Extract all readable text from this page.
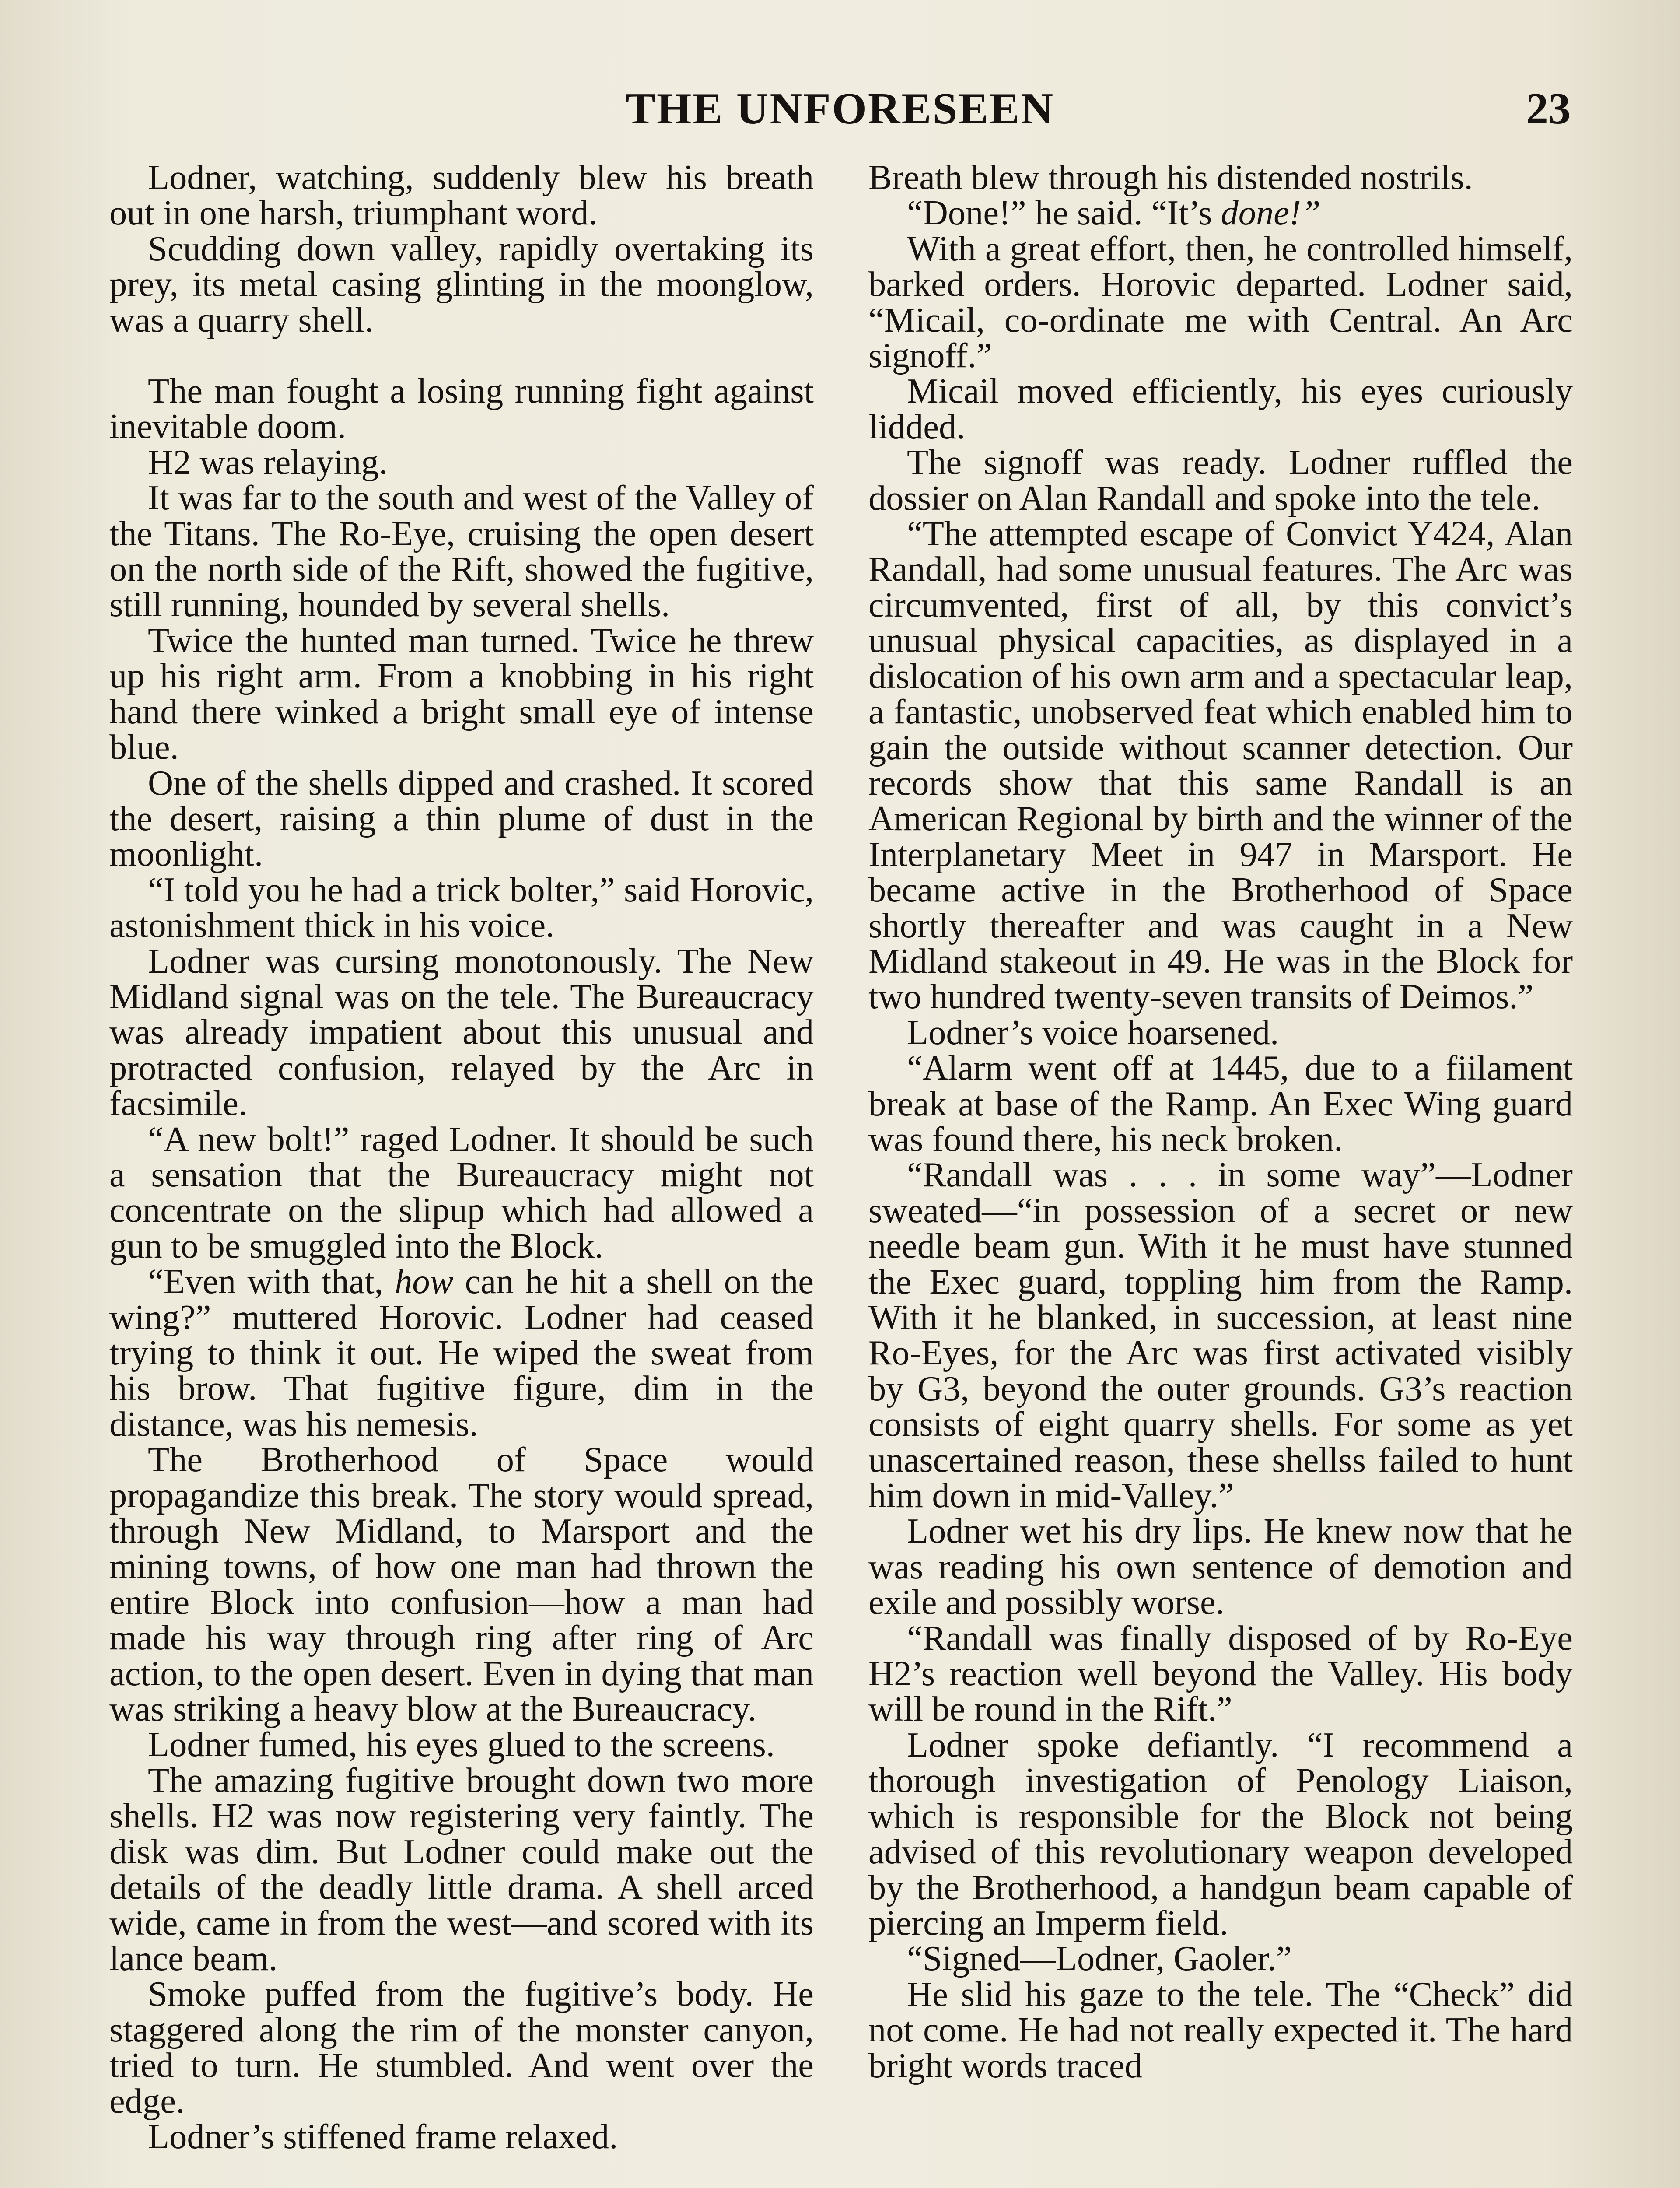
THE UNFORESEEN	23

Lodner, watching, suddenly blew his breath out in one harsh, triumphant word.

Scudding down valley, rapidly overtaking its prey, its metal casing glinting in the moonglow, was a quarry shell.

The man fought a losing running fight against inevitable doom.

H2 was relaying.

It was far to the south and west of the Valley of the Titans. The Ro-Eye, cruising the open desert on the north side of the Rift, showed the fugitive, still running, hounded by several shells.

Twice the hunted man turned. Twice he threw up his right arm. From a knobbing in his right hand there winked a bright small eye of intense blue.

One of the shells dipped and crashed. It scored the desert, raising a thin plume of dust in the moonlight.

“I told you he had a trick bolter,” said Horovic, astonishment thick in his voice.

Lodner was cursing monotonously. The New Midland signal was on the tele. The Bureaucracy was already impatient about this unusual and protracted confusion, relayed by the Arc in facsimile.

“A new bolt!” raged Lodner. It should be such a sensation that the Bureaucracy might not concentrate on the slipup which had allowed a gun to be smuggled into the Block.

“Even with that, how can he hit a shell on the wing?” muttered Horovic. Lodner had ceased trying to think it out. He wiped the sweat from his brow. That fugitive figure, dim in the distance, was his nemesis.

The Brotherhood of Space would propagandize this break. The story would spread, through New Midland, to Marsport and the mining towns, of how one man had thrown the entire Block into confusion—how a man had made his way through ring after ring of Arc action, to the open desert. Even in dying that man was striking a heavy blow at the Bureaucracy.

Lodner fumed, his eyes glued to the screens.

The amazing fugitive brought down two more shells. H2 was now registering very faintly. The disk was dim. But Lodner could make out the details of the deadly little drama. A shell arced wide, came in from the west—and scored with its lance beam.

Smoke puffed from the fugitive’s body. He staggered along the rim of the monster canyon, tried to turn. He stumbled. And went over the edge.

Lodner’s stiffened frame relaxed.

Breath blew through his distended nostrils.

“Done!” he said. “It’s done!”

With a great effort, then, he controlled himself, barked orders. Horovic departed. Lodner said, “Micail, co-ordinate me with Central. An Arc signoff.”

Micail moved efficiently, his eyes curiously lidded.

The signoff was ready. Lodner ruffled the dossier on Alan Randall and spoke into the tele.

“The attempted escape of Convict Y424, Alan Randall, had some unusual features. The Arc was circumvented, first of all, by this convict’s unusual physical capacities, as displayed in a dislocation of his own arm and a spectacular leap, a fantastic, unobserved feat which enabled him to gain the outside without scanner detection. Our records show that this same Randall is an American Regional by birth and the winner of the Interplanetary Meet in 947 in Marsport. He became active in the Brotherhood of Space shortly thereafter and was caught in a New Midland stakeout in 49. He was in the Block for two hundred twenty-seven transits of Deimos.”

Lodner’s voice hoarsened.

“Alarm went off at 1445, due to a fiilament break at base of the Ramp. An Exec Wing guard was found there, his neck broken.

“Randall was . . . in some way”—Lodner sweated—“in possession of a secret or new needle beam gun. With it he must have stunned the Exec guard, toppling him from the Ramp. With it he blanked, in succession, at least nine Ro-Eyes, for the Arc was first activated visibly by G3, beyond the outer grounds. G3’s reaction consists of eight quarry shells. For some as yet unascertained reason, these shellss failed to hunt him down in mid-Valley.”

Lodner wet his dry lips. He knew now that he was reading his own sentence of demotion and exile and possibly worse.

“Randall was finally disposed of by Ro-Eye H2’s reaction well beyond the Valley. His body will be round in the Rift.”

Lodner spoke defiantly. “I recommend a thorough investigation of Penology Liaison, which is responsible for the Block not being advised of this revolutionary weapon developed by the Brotherhood, a handgun beam capable of piercing an Imperm field.

“Signed—Lodner, Gaoler.”

He slid his gaze to the tele. The “Check” did not come. He had not really expected it. The hard bright words traced
